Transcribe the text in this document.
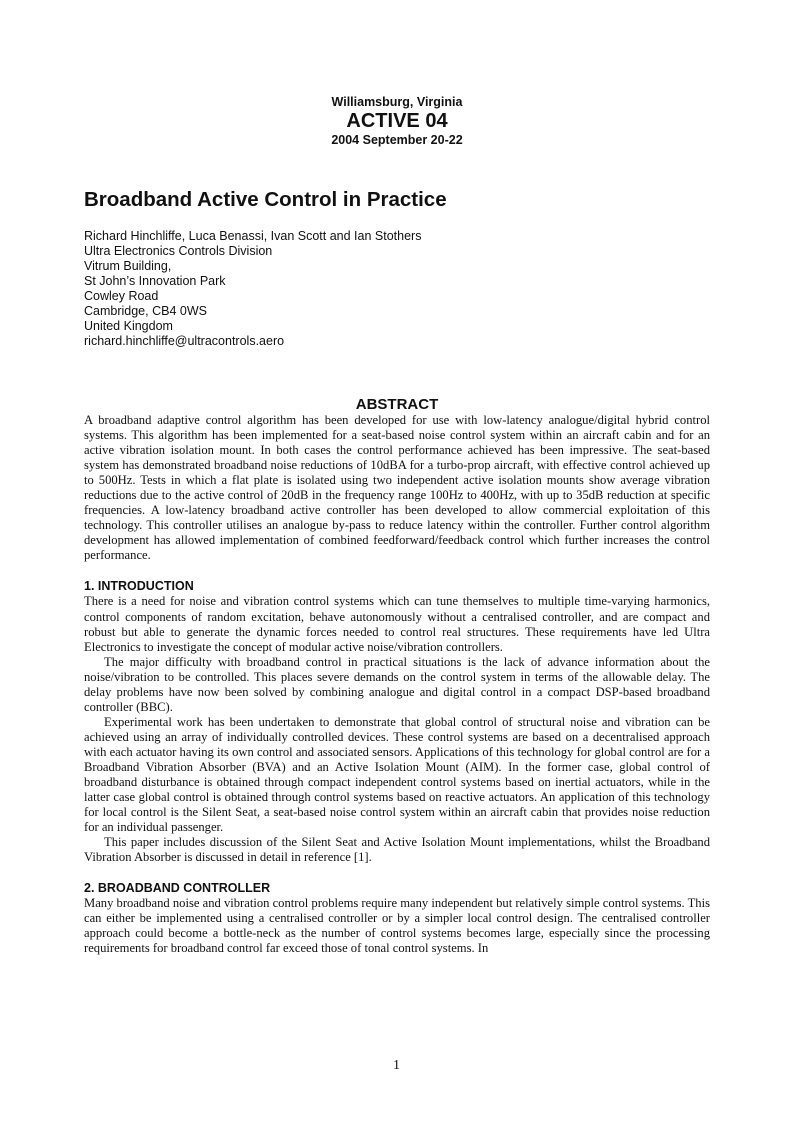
Williamsburg, Virginia
ACTIVE 04
2004 September 20-22
Broadband Active Control in Practice
Richard Hinchliffe, Luca Benassi, Ivan Scott and Ian Stothers
Ultra Electronics Controls Division
Vitrum Building,
St John’s Innovation Park
Cowley Road
Cambridge, CB4 0WS
United Kingdom
richard.hinchliffe@ultracontrols.aero
ABSTRACT

A broadband adaptive control algorithm has been developed for use with low-latency analogue/digital hybrid control systems. This algorithm has been implemented for a seat-based noise control system within an aircraft cabin and for an active vibration isolation mount. In both cases the control performance achieved has been impressive. The seat-based system has demonstrated broadband noise reductions of 10dBA for a turbo-prop aircraft, with effective control achieved up to 500Hz. Tests in which a flat plate is isolated using two independent active isolation mounts show average vibration reductions due to the active control of 20dB in the frequency range 100Hz to 400Hz, with up to 35dB reduction at specific frequencies. A low-latency broadband active controller has been developed to allow commercial exploitation of this technology. This controller utilises an analogue by-pass to reduce latency within the controller. Further control algorithm development has allowed implementation of combined feedforward/feedback control which further increases the control performance.

1. INTRODUCTION

There is a need for noise and vibration control systems which can tune themselves to multiple time-varying harmonics, control components of random excitation, behave autonomously without a centralised controller, and are compact and robust but able to generate the dynamic forces needed to control real structures. These requirements have led Ultra Electronics to investigate the concept of modular active noise/vibration controllers.

The major difficulty with broadband control in practical situations is the lack of advance information about the noise/vibration to be controlled. This places severe demands on the control system in terms of the allowable delay. The delay problems have now been solved by combining analogue and digital control in a compact DSP-based broadband controller (BBC).

Experimental work has been undertaken to demonstrate that global control of structural noise and vibration can be achieved using an array of individually controlled devices. These control systems are based on a decentralised approach with each actuator having its own control and associated sensors. Applications of this technology for global control are for a Broadband Vibration Absorber (BVA) and an Active Isolation Mount (AIM). In the former case, global control of broadband disturbance is obtained through compact independent control systems based on inertial actuators, while in the latter case global control is obtained through control systems based on reactive actuators. An application of this technology for local control is the Silent Seat, a seat-based noise control system within an aircraft cabin that provides noise reduction for an individual passenger.

This paper includes discussion of the Silent Seat and Active Isolation Mount implementations, whilst the Broadband Vibration Absorber is discussed in detail in reference [1].

2. BROADBAND CONTROLLER

Many broadband noise and vibration control problems require many independent but relatively simple control systems. This can either be implemented using a centralised controller or by a simpler local control design. The centralised controller approach could become a bottle-neck as the number of control systems becomes large, especially since the processing requirements for broadband control far exceed those of tonal control systems. In

1
